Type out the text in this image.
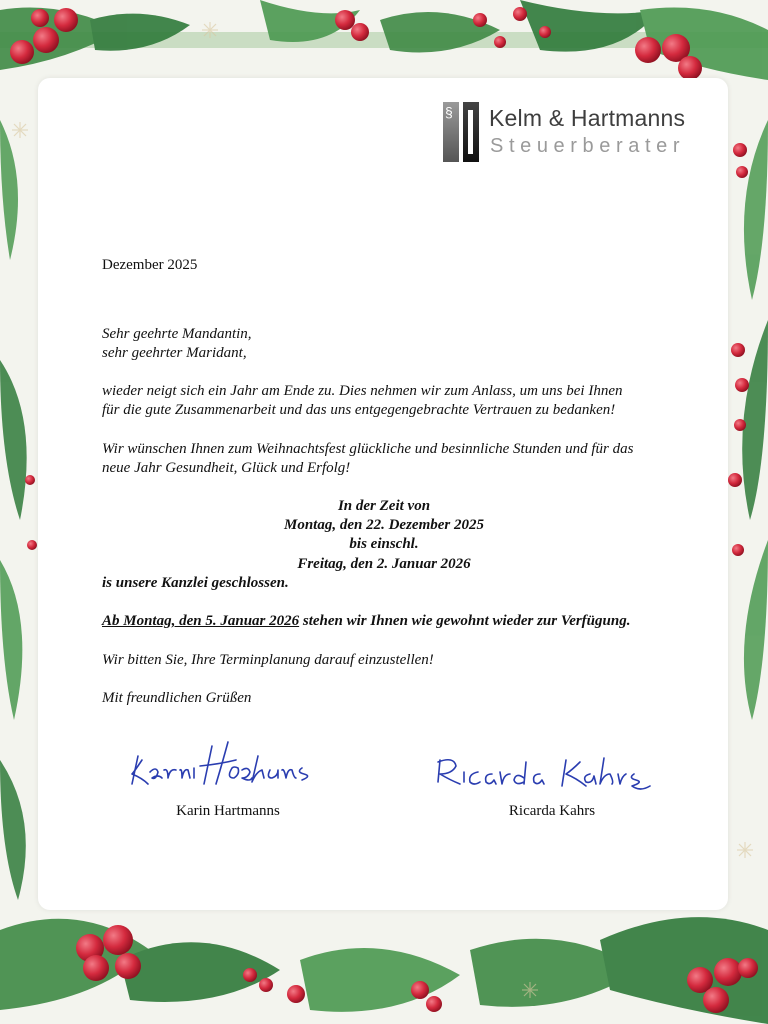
§ Kelm & Hartmanns
Steuerberater
Dezember 2025
Sehr geehrte Mandantin,
sehr geehrter Maridant,
wieder neigt sich ein Jahr am Ende zu. Dies nehmen wir zum Anlass, um uns bei Ihnen
für die gute Zusammenarbeit und das uns entgegengebrachte Vertrauen zu bedanken!
Wir wünschen Ihnen zum Weihnachtsfest glückliche und besinnliche Stunden und für das
neue Jahr Gesundheit, Glück und Erfolg!
In der Zeit von
Montag, den 22. Dezember 2025
bis einschl.
Freitag, den 2. Januar 2026
is unsere Kanzlei geschlossen.
Ab Montag, den 5. Januar 2026 stehen wir Ihnen wie gewohnt wieder zur Verfügung.
Wir bitten Sie, Ihre Terminplanung darauf einzustellen!
Mit freundlichen Grüßen
Karin Hartmanns	Ricarda Kahrs
